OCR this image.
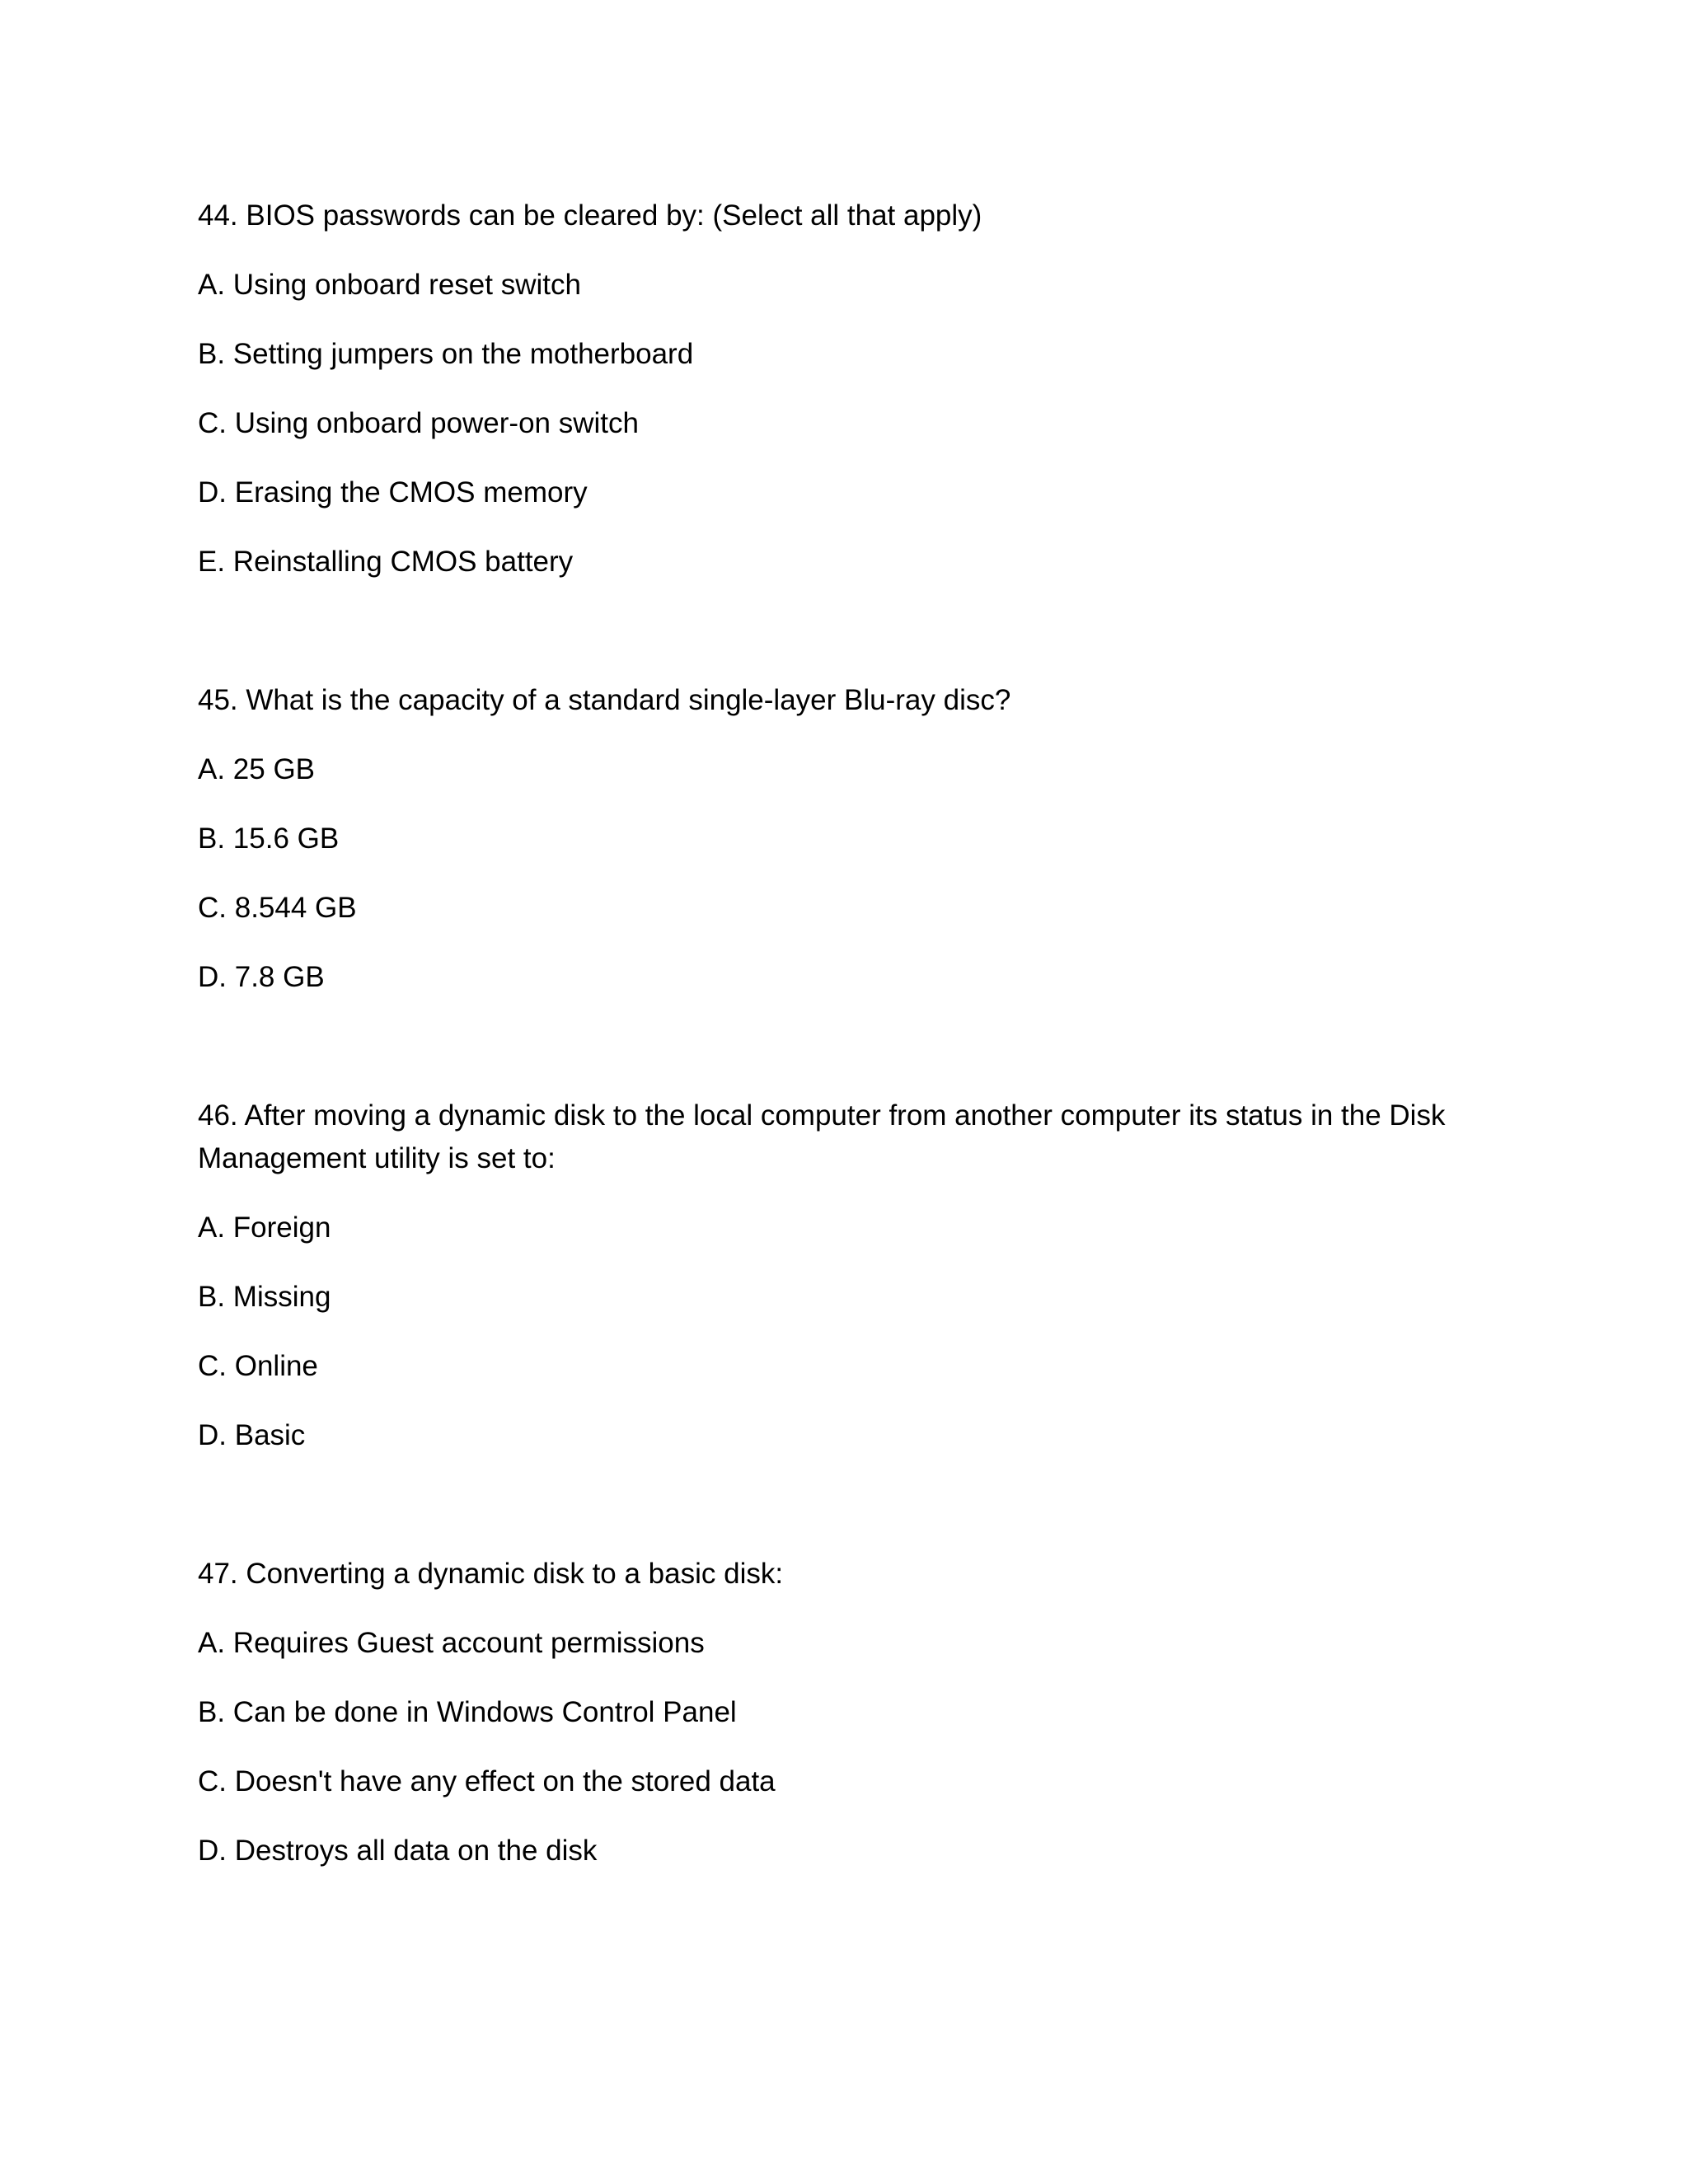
44. BIOS passwords can be cleared by: (Select all that apply)
A. Using onboard reset switch
B. Setting jumpers on the motherboard
C. Using onboard power-on switch
D. Erasing the CMOS memory
E. Reinstalling CMOS battery
45. What is the capacity of a standard single-layer Blu-ray disc?
A. 25 GB
B. 15.6 GB
C. 8.544 GB
D. 7.8 GB
46. After moving a dynamic disk to the local computer from another computer its status in the Disk
Management utility is set to:
A. Foreign
B. Missing
C. Online
D. Basic
47. Converting a dynamic disk to a basic disk:
A. Requires Guest account permissions
B. Can be done in Windows Control Panel
C. Doesn't have any effect on the stored data
D. Destroys all data on the disk
